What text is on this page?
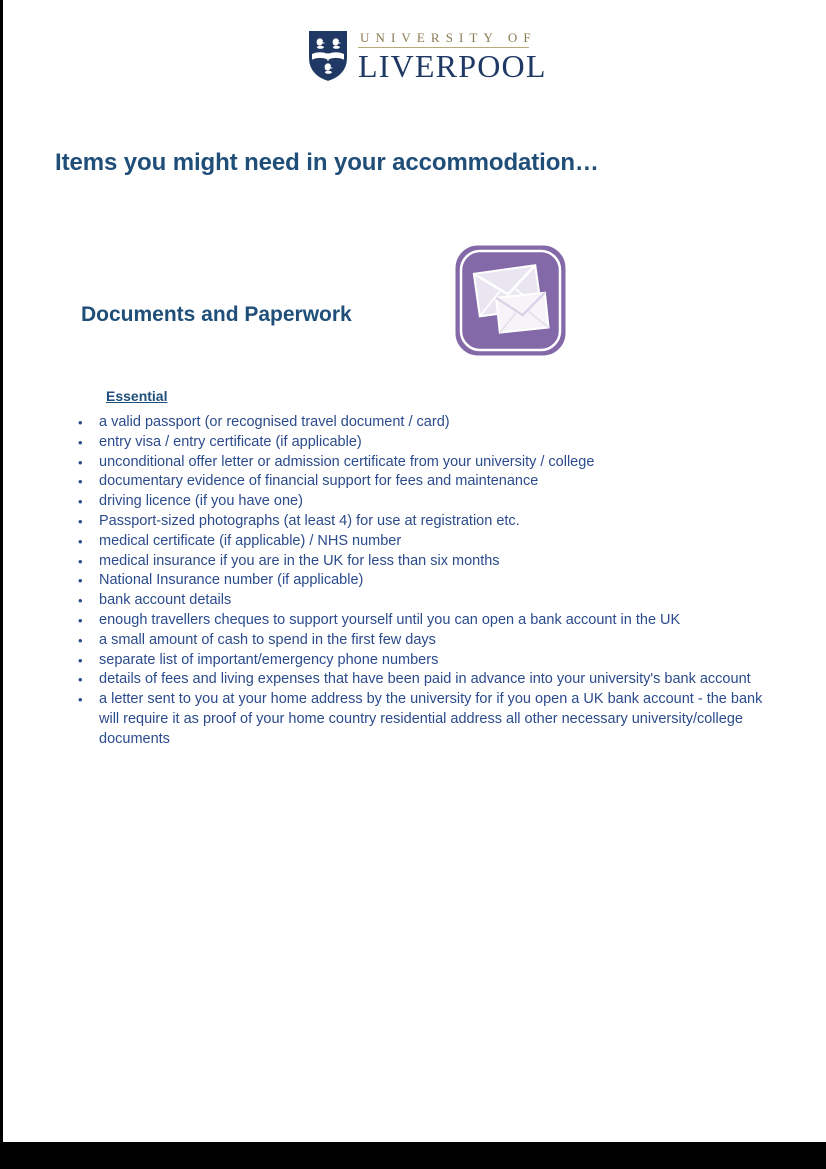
UNIVERSITY OF
LIVERPOOL
Items you might need in your accommodation…
Documents and Paperwork
Essential
• a valid passport (or recognised travel document / card)
• entry visa / entry certificate (if applicable)
• unconditional offer letter or admission certificate from your university / college
• documentary evidence of financial support for fees and maintenance
• driving licence (if you have one)
• Passport-sized photographs (at least 4) for use at registration etc.
• medical certificate (if applicable) / NHS number
• medical insurance if you are in the UK for less than six months
• National Insurance number (if applicable)
• bank account details
• enough travellers cheques to support yourself until you can open a bank account in the UK
• a small amount of cash to spend in the first few days
• separate list of important/emergency phone numbers
• details of fees and living expenses that have been paid in advance into your university's bank account
• a letter sent to you at your home address by the university for if you open a UK bank account - the bank will require it as proof of your home country residential address all other necessary university/college documents
